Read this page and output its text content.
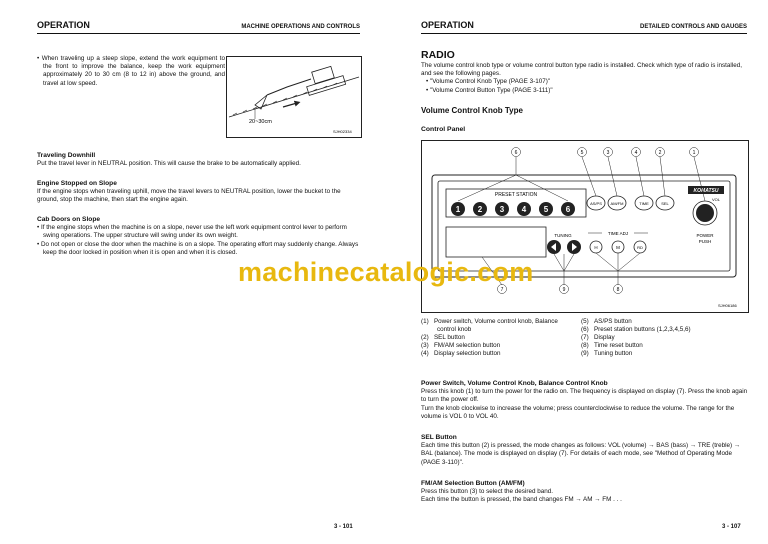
OPERATION	MACHINE OPERATIONS AND CONTROLS

• When traveling up a steep slope, extend the work equipment to the front to improve the balance, keep the work equipment approximately 20 to 30 cm (8 to 12 in) above the ground, and travel at low speed.

20~30cm
SJH02334

Traveling Downhill

Put the travel lever in NEUTRAL position. This will cause the brake to be automatically applied.

Engine Stopped on Slope

If the engine stops when traveling uphill, move the travel levers to NEUTRAL position, lower the bucket to the ground, stop the machine, then start the engine again.

Cab Doors on Slope

• If the engine stops when the machine is on a slope, never use the left work equipment control lever to perform swing operations. The upper structure will swing under its own weight.

• Do not open or close the door when the machine is on a slope. The operating effort may suddenly change. Always keep the door locked in position when it is open and when it is closed.

3 - 101
OPERATION	DETAILED CONTROLS AND GAUGES
RADIO

The volume control knob type or volume control button type radio is installed. Check which type of radio is installed, and see the following pages.

• "Volume Control Knob Type (PAGE 3-107)"

• "Volume Control Button Type (PAGE 3-111)"

Volume Control Knob Type
Control Panel
PRESET STATION
1 2 3 4 5 6
AS/PS AM/FM	TIME	SEL
KOMATSU
VOL
POWER
PUSH
TUNING	TIME ADJ
H	M	RD
6	5	3	4	2	1
7	8
9
SJH06186
(1) Power switch, Volume control knob, Balance
control knob
(2) SEL button
(3) FM/AM selection button
(4) Display selection button
(5) AS/PS button
(6) Preset station buttons (1,2,3,4,5,6)
(7) Display
(8) Time reset button
(9) Tuning button

Power Switch, Volume Control Knob, Balance Control Knob

Press this knob (1) to turn the power for the radio on. The frequency is displayed on display (7). Press the knob again to turn the power off.

Turn the knob clockwise to increase the volume; press counterclockwise to reduce the volume. The range for the volume is VOL 0 to VOL 40.

SEL Button

Each time this button (2) is pressed, the mode changes as follows: VOL (volume) → BAS (bass) → TRE (treble) → BAL (balance). The mode is displayed on display (7). For details of each mode, see "Method of Operating Mode (PAGE 3-110)".

FM/AM Selection Button (AM/FM)

Press this button (3) to select the desired band.

Each time the button is pressed, the band changes FM → AM → FM . . .

3 - 107
machinecatalogic.com
